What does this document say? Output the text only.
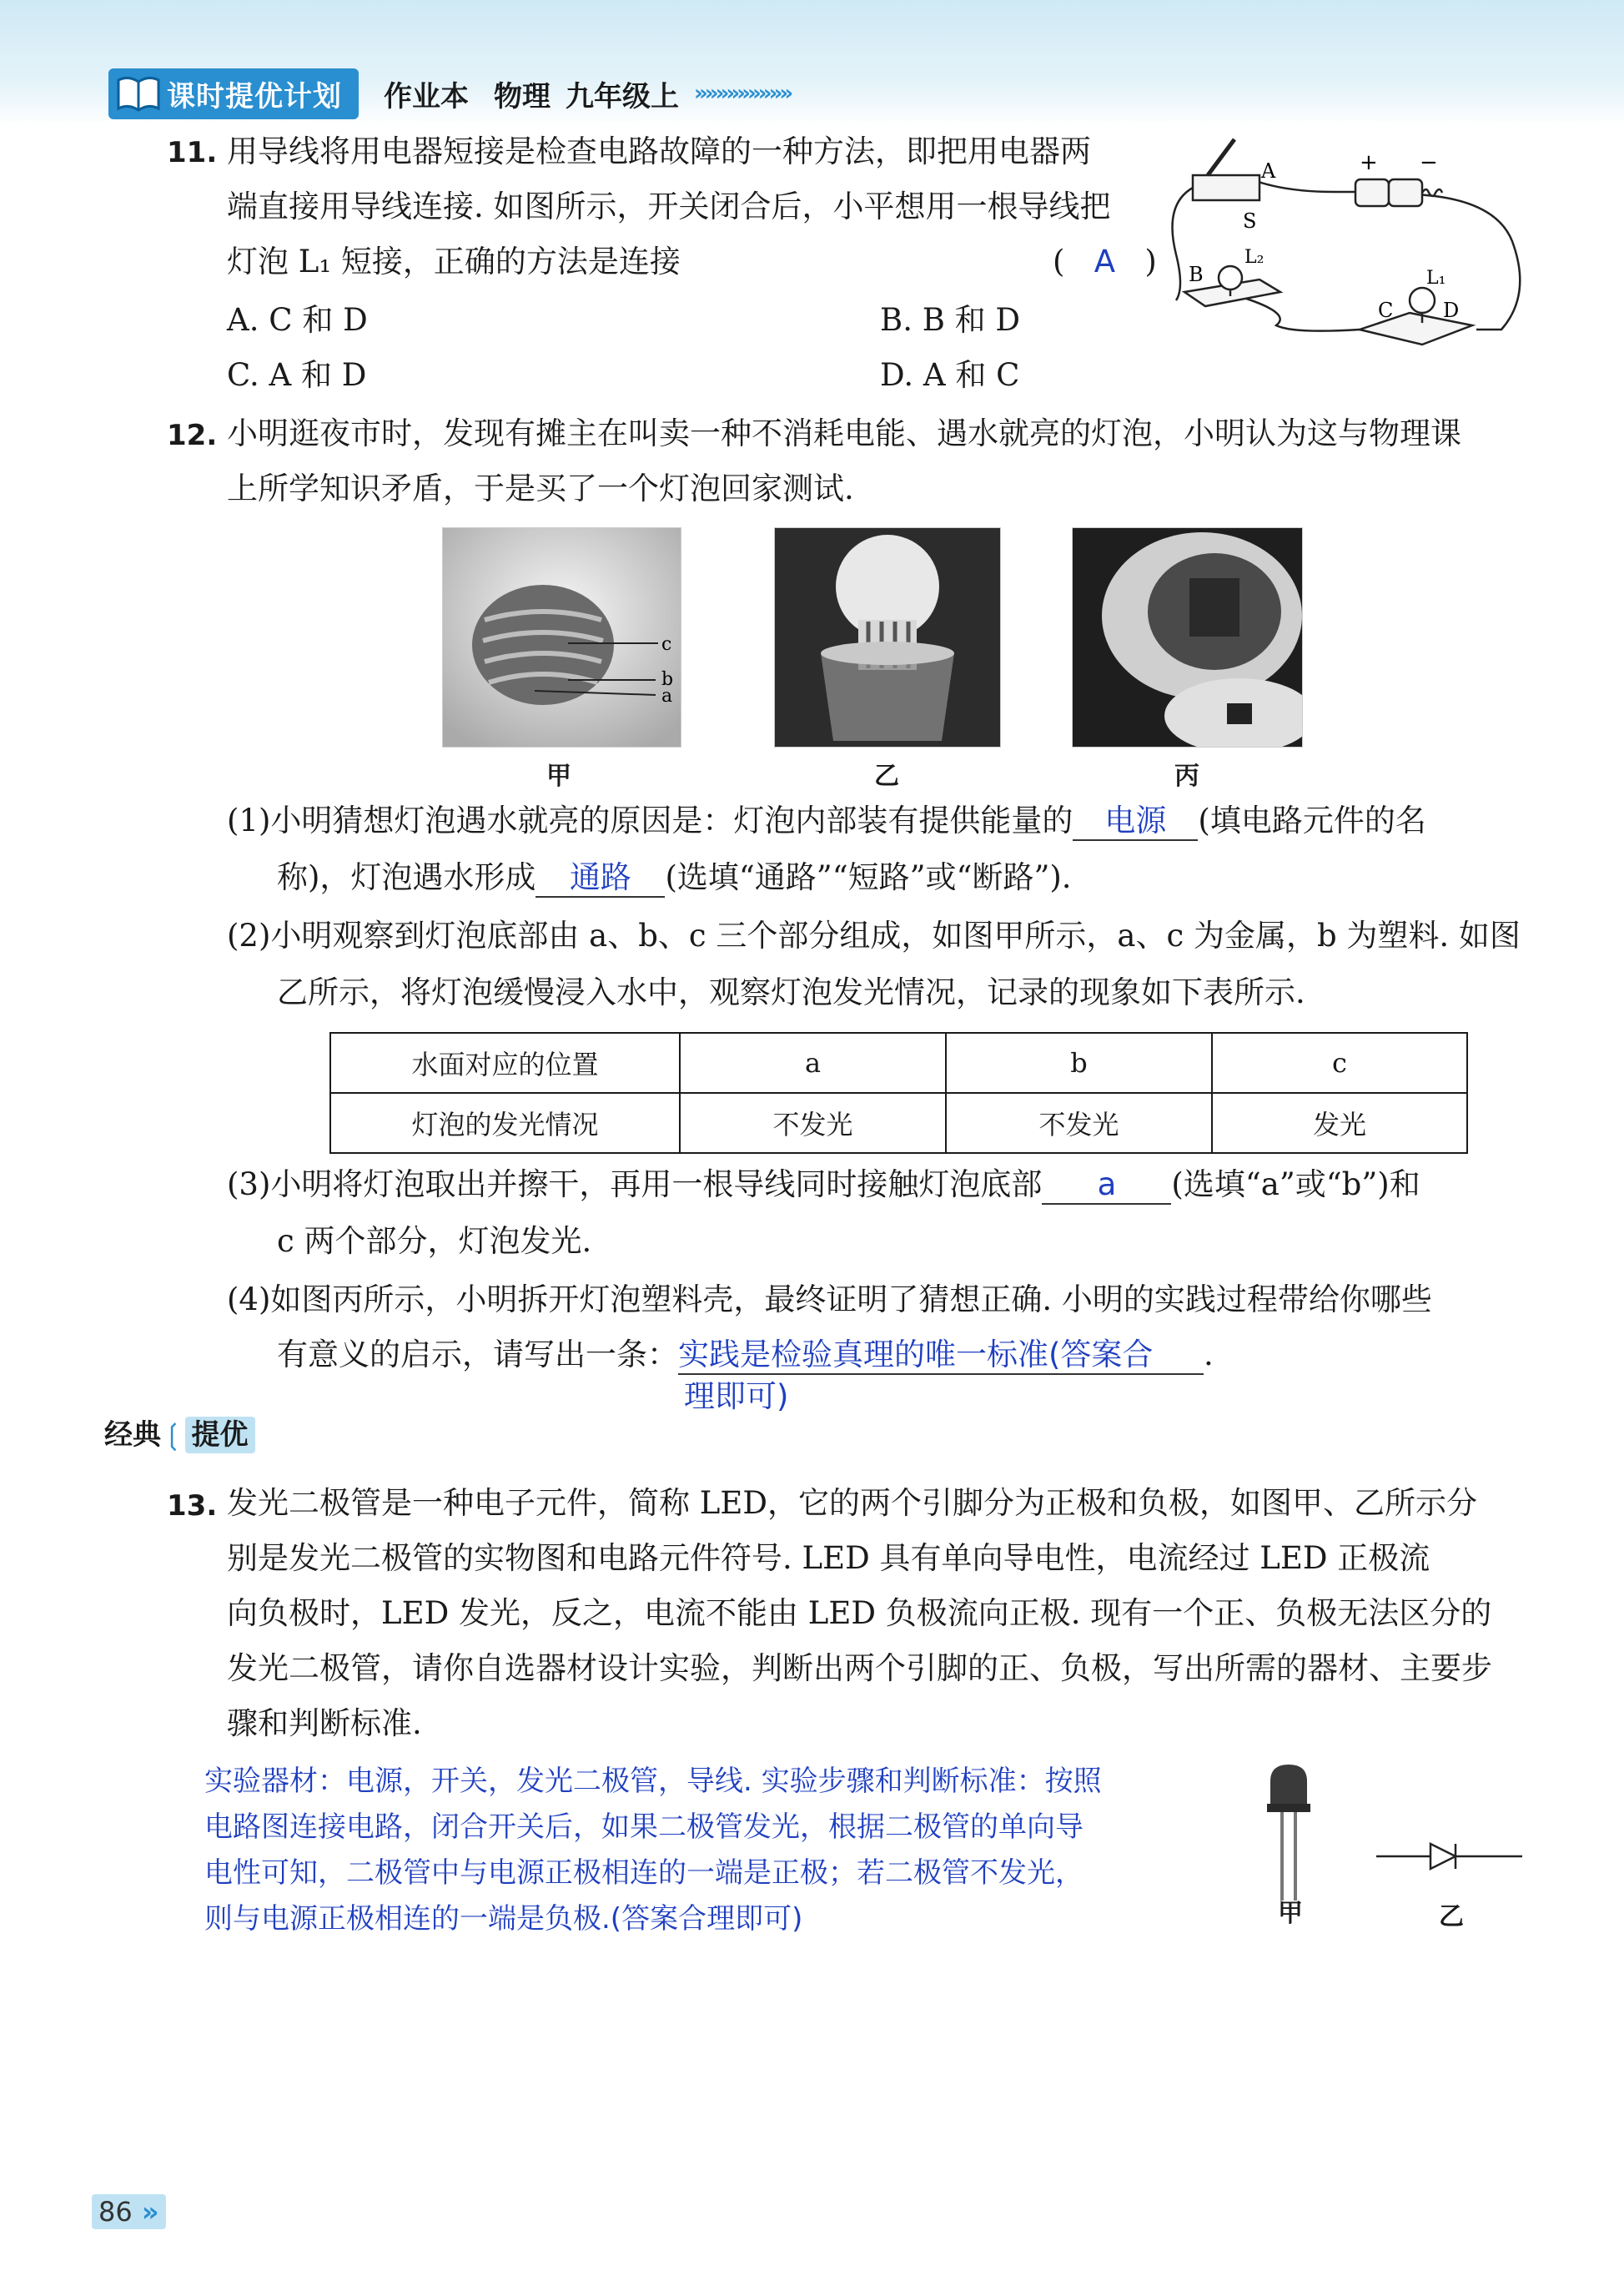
课时提优计划	作业本 物理 九年级上 »»»»»»»»»
11. 用导线将用电器短接是检查电路故障的一种方法，即把用电器两
端直接用导线连接. 如图所示，开关闭合后，小平想用一根导线把
灯泡 L₁ 短接，正确的方法是连接	( A )
A. C 和 D	B. B 和 D
C. A 和 D	D. A 和 C
+ −
A
S
L₂
B	L₁
C D
12. 小明逛夜市时，发现有摊主在叫卖一种不消耗电能、遇水就亮的灯泡，小明认为这与物理课
上所学知识矛盾，于是买了一个灯泡回家测试.
c
b
a
甲	乙	丙
(1)小明猜想灯泡遇水就亮的原因是：灯泡内部装有提供能量的 电源 (填电路元件的名
称)，灯泡遇水形成 通路 (选填“通路”“短路”或“断路”).
(2)小明观察到灯泡底部由 a、b、c 三个部分组成，如图甲所示，a、c 为金属，b 为塑料. 如图
乙所示，将灯泡缓慢浸入水中，观察灯泡发光情况，记录的现象如下表所示.
水面对应的位置	a	b	c
灯泡的发光情况	不发光	不发光	发光
(3)小明将灯泡取出并擦干，再用一根导线同时接触灯泡底部 a (选填“a”或“b”)和
c 两个部分，灯泡发光.
(4)如图丙所示，小明拆开灯泡塑料壳，最终证明了猜想正确. 小明的实践过程带给你哪些
有意义的启示，请写出一条：实践是检验真理的唯一标准(答案合 .
理即可)
经典❲ 提优
13. 发光二极管是一种电子元件，简称 LED，它的两个引脚分为正极和负极，如图甲、乙所示分
别是发光二极管的实物图和电路元件符号. LED 具有单向导电性，电流经过 LED 正极流
向负极时，LED 发光，反之，电流不能由 LED 负极流向正极. 现有一个正、负极无法区分的
发光二极管，请你自选器材设计实验，判断出两个引脚的正、负极，写出所需的器材、主要步
骤和判断标准.
实验器材：电源，开关，发光二极管，导线. 实验步骤和判断标准：按照
电路图连接电路，闭合开关后，如果二极管发光，根据二极管的单向导
电性可知，二极管中与电源正极相连的一端是正极；若二极管不发光，
则与电源正极相连的一端是负极.(答案合理即可)	甲	乙
86 »
